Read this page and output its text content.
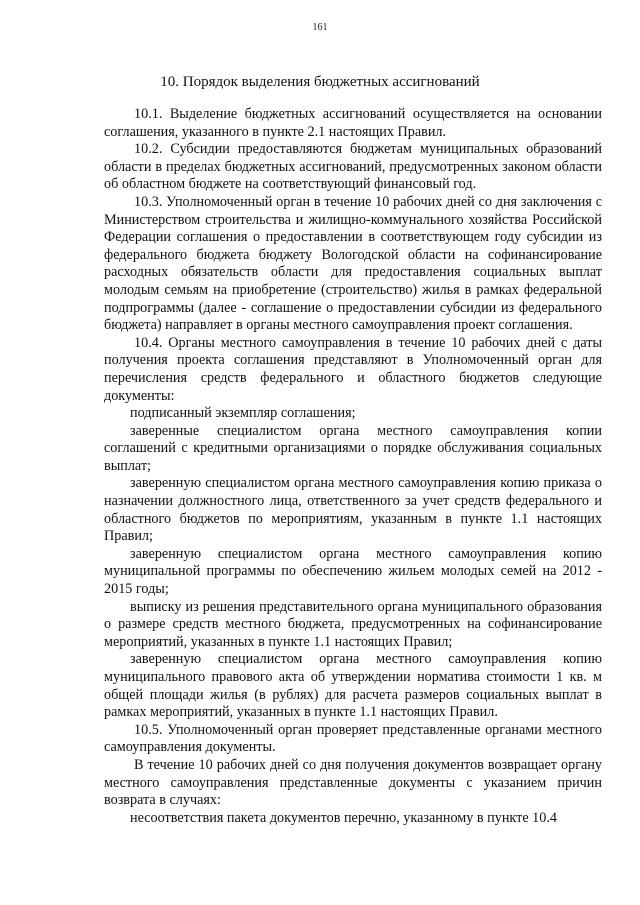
161
10. Порядок выделения бюджетных ассигнований

10.1. Выделение бюджетных ассигнований осуществляется на основании соглашения, указанного в пункте 2.1 настоящих Правил.

10.2. Субсидии предоставляются бюджетам муниципальных образований области в пределах бюджетных ассигнований, предусмотренных законом области об областном бюджете на соответствующий финансовый год.

10.3. Уполномоченный орган в течение 10 рабочих дней со дня заключения с Министерством строительства и жилищно-коммунального хозяйства Российской Федерации соглашения о предоставлении в соответствующем году субсидии из федерального бюджета бюджету Вологодской области на софинансирование расходных обязательств области для предоставления социальных выплат молодым семьям на приобретение (строительство) жилья в рамках федеральной подпрограммы (далее - соглашение о предоставлении субсидии из федерального бюджета) направляет в органы местного самоуправления проект соглашения.

10.4. Органы местного самоуправления в течение 10 рабочих дней с даты получения проекта соглашения представляют в Уполномоченный орган для перечисления средств федерального и областного бюджетов следующие документы:

подписанный экземпляр соглашения;

заверенные специалистом органа местного самоуправления копии соглашений с кредитными организациями о порядке обслуживания социальных выплат;

заверенную специалистом органа местного самоуправления копию приказа о назначении должностного лица, ответственного за учет средств федерального и областного бюджетов по мероприятиям, указанным в пункте 1.1 настоящих Правил;

заверенную специалистом органа местного самоуправления копию муниципальной программы по обеспечению жильем молодых семей на 2012 - 2015 годы;

выписку из решения представительного органа муниципального образования о размере средств местного бюджета, предусмотренных на софинансирование мероприятий, указанных в пункте 1.1 настоящих Правил;

заверенную специалистом органа местного самоуправления копию муниципального правового акта об утверждении норматива стоимости 1 кв. м общей площади жилья (в рублях) для расчета размеров социальных выплат в рамках мероприятий, указанных в пункте 1.1 настоящих Правил.

10.5. Уполномоченный орган проверяет представленные органами местного самоуправления документы.

В течение 10 рабочих дней со дня получения документов возвращает органу местного самоуправления представленные документы с указанием причин возврата в случаях:

несоответствия пакета документов перечню, указанному в пункте 10.4
